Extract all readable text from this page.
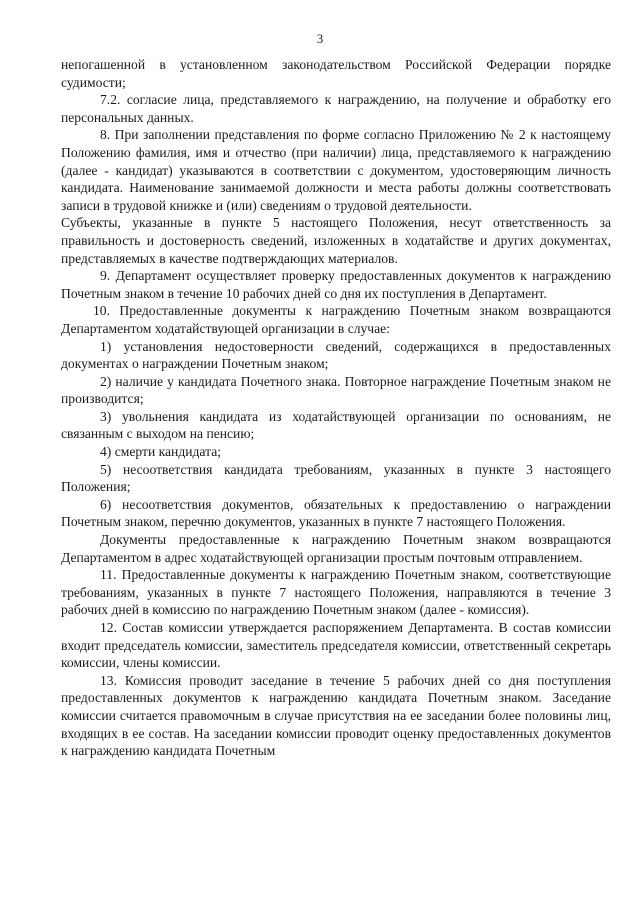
3

непогашенной в установленном законодательством Российской Федерации порядке судимости;

7.2. согласие лица, представляемого к награждению, на получение и обработку его персональных данных.

8. При заполнении представления по форме согласно Приложению № 2 к настоящему Положению фамилия, имя и отчество (при наличии) лица, представляемого к награждению (далее - кандидат) указываются в соответствии с документом, удостоверяющим личность кандидата. Наименование занимаемой должности и места работы должны соответствовать записи в трудовой книжке и (или) сведениям о трудовой деятельности.

Субъекты, указанные в пункте 5 настоящего Положения, несут ответственность за правильность и достоверность сведений, изложенных в ходатайстве и других документах, представляемых в качестве подтверждающих материалов.

9. Департамент осуществляет проверку предоставленных документов к награждению Почетным знаком в течение 10 рабочих дней со дня их поступления в Департамент.

10. Предоставленные документы к награждению Почетным знаком возвращаются Департаментом ходатайствующей организации в случае:

1) установления недостоверности сведений, содержащихся в предоставленных документах о награждении Почетным знаком;

2) наличие у кандидата Почетного знака. Повторное награждение Почетным знаком не производится;

3) увольнения кандидата из ходатайствующей организации по основаниям, не связанным с выходом на пенсию;

4) смерти кандидата;

5) несоответствия кандидата требованиям, указанных в пункте 3 настоящего Положения;

6) несоответствия документов, обязательных к предоставлению о награждении Почетным знаком, перечню документов, указанных в пункте 7 настоящего Положения.

Документы предоставленные к награждению Почетным знаком возвращаются Департаментом в адрес ходатайствующей организации простым почтовым отправлением.

11. Предоставленные документы к награждению Почетным знаком, соответствующие требованиям, указанных в пункте 7 настоящего Положения, направляются в течение 3 рабочих дней в комиссию по награждению Почетным знаком (далее - комиссия).

12. Состав комиссии утверждается распоряжением Департамента. В состав комиссии входит председатель комиссии, заместитель председателя комиссии, ответственный секретарь комиссии, члены комиссии.

13. Комиссия проводит заседание в течение 5 рабочих дней со дня поступления предоставленных документов к награждению кандидата Почетным знаком. Заседание комиссии считается правомочным в случае присутствия на ее заседании более половины лиц, входящих в ее состав. На заседании комиссии проводит оценку предоставленных документов к награждению кандидата Почетным
